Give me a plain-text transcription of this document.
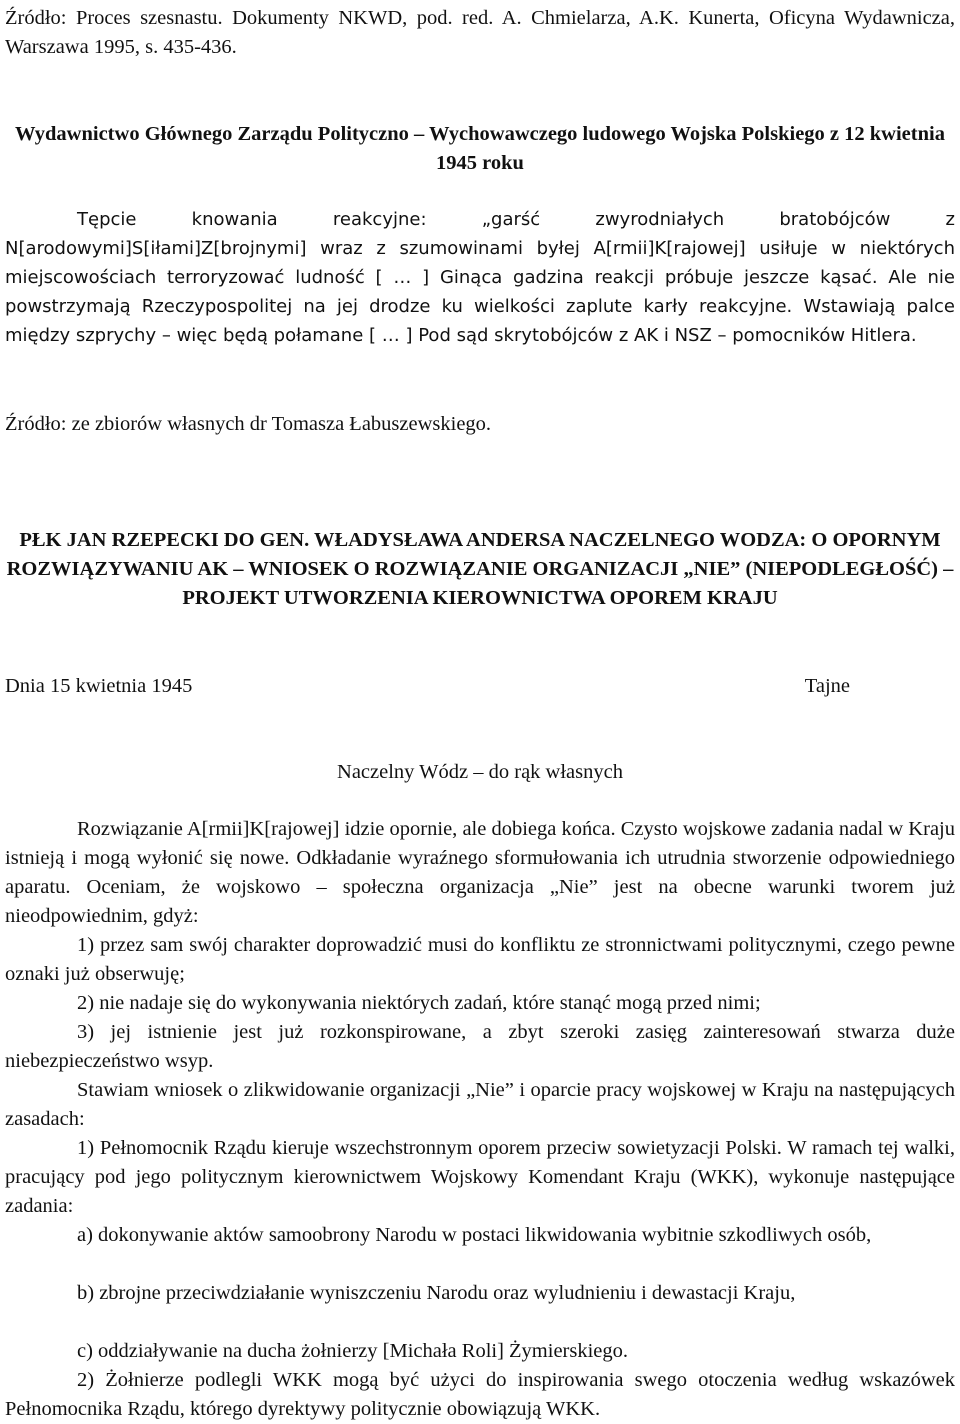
Źródło: Proces szesnastu. Dokumenty NKWD, pod. red. A. Chmielarza, A.K. Kunerta, Oficyna Wydawnicza, Warszawa 1995, s. 435-436.

Wydawnictwo Głównego Zarządu Polityczno – Wychowawczego ludowego Wojska Polskiego z 12 kwietnia 1945 roku

Tępcie knowania reakcyjne: „garść zwyrodniałych bratobójców z N[arodowymi]S[iłami]Z[brojnymi] wraz z szumowinami byłej A[rmii]K[rajowej] usiłuje w niektórych miejscowościach terroryzować ludność [ … ] Ginąca gadzina reakcji próbuje jeszcze kąsać. Ale nie powstrzymają Rzeczypospolitej na jej drodze ku wielkości zaplute karły reakcyjne. Wstawiają palce między szprychy – więc będą połamane [ … ] Pod sąd skrytobójców z AK i NSZ – pomocników Hitlera.

Źródło: ze zbiorów własnych dr Tomasza Łabuszewskiego.

PŁK JAN RZEPECKI DO GEN. WŁADYSŁAWA ANDERSA NACZELNEGO WODZA: O OPORNYM ROZWIĄZYWANIU AK – WNIOSEK O ROZWIĄZANIE ORGANIZACJI „NIE” (NIEPODLEGŁOŚĆ) – PROJEKT UTWORZENIA KIEROWNICTWA OPOREM KRAJU

Dnia 15 kwietnia 1945	Tajne

Naczelny Wódz – do rąk własnych

Rozwiązanie A[rmii]K[rajowej] idzie opornie, ale dobiega końca. Czysto wojskowe zadania nadal w Kraju istnieją i mogą wyłonić się nowe. Odkładanie wyraźnego sformułowania ich utrudnia stworzenie odpowiedniego aparatu. Oceniam, że wojskowo – społeczna organizacja „Nie” jest na obecne warunki tworem już nieodpowiednim, gdyż:

1) przez sam swój charakter doprowadzić musi do konfliktu ze stronnictwami politycznymi, czego pewne oznaki już obserwuję;

2) nie nadaje się do wykonywania niektórych zadań, które stanąć mogą przed nimi;

3) jej istnienie jest już rozkonspirowane, a zbyt szeroki zasięg zainteresowań stwarza duże niebezpieczeństwo wsyp.

Stawiam wniosek o zlikwidowanie organizacji „Nie” i oparcie pracy wojskowej w Kraju na następujących zasadach:

1) Pełnomocnik Rządu kieruje wszechstronnym oporem przeciw sowietyzacji Polski. W ramach tej walki, pracujący pod jego politycznym kierownictwem Wojskowy Komendant Kraju (WKK), wykonuje następujące zadania:

a) dokonywanie aktów samoobrony Narodu w postaci likwidowania wybitnie szkodliwych osób,

b) zbrojne przeciwdziałanie wyniszczeniu Narodu oraz wyludnieniu i dewastacji Kraju,

c) oddziaływanie na ducha żołnierzy [Michała Roli] Żymierskiego.

2) Żołnierze podlegli WKK mogą być użyci do inspirowania swego otoczenia według wskazówek Pełnomocnika Rządu, którego dyrektywy politycznie obowiązują WKK.
